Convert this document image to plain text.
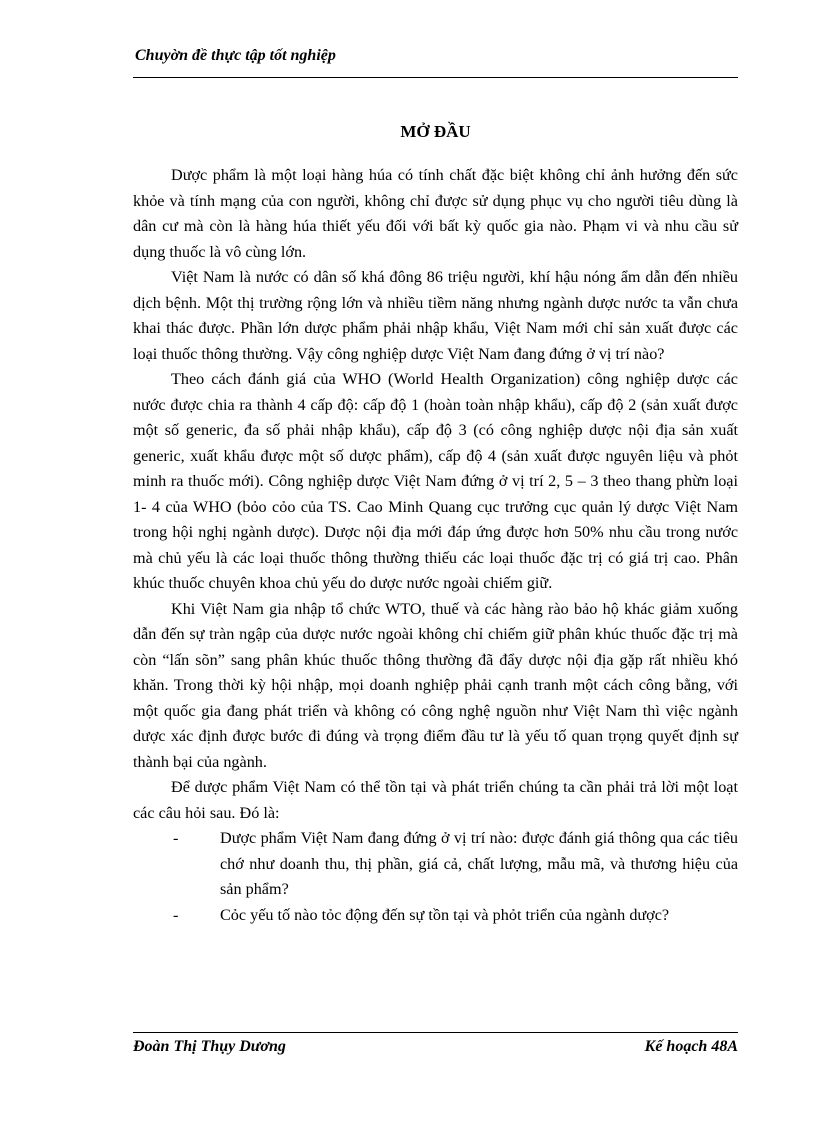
Chuyờn đề thực tập tốt nghiệp
MỞ ĐẦU

Dược phẩm là một loại hàng húa có tính chất đặc biệt không chỉ ảnh hưởng đến sức khỏe và tính mạng của con người, không chỉ được sử dụng phục vụ cho người tiêu dùng là dân cư mà còn là hàng húa thiết yếu đối với bất kỳ quốc gia nào. Phạm vi và nhu cầu sử dụng thuốc là vô cùng lớn.

Việt Nam là nước có dân số khá đông 86 triệu người, khí hậu nóng ẩm dẫn đến nhiều dịch bệnh. Một thị trường rộng lớn và nhiều tiềm năng nhưng ngành dược nước ta vẫn chưa khai thác được. Phần lớn dược phẩm phải nhập khẩu, Việt Nam mới chỉ sản xuất được các loại thuốc thông thường. Vậy công nghiệp dược Việt Nam đang đứng ở vị trí nào?

Theo cách đánh giá của WHO (World Health Organization) công nghiệp dược các nước được chia ra thành 4 cấp độ: cấp độ 1 (hoàn toàn nhập khẩu), cấp độ 2 (sản xuất được một số generic, đa số phải nhập khẩu), cấp độ 3 (có công nghiệp dược nội địa sản xuất generic, xuất khẩu được một số dược phẩm), cấp độ 4 (sản xuất được nguyên liệu và phỏt minh ra thuốc mới). Công nghiệp dược Việt Nam đứng ở vị trí 2, 5 – 3 theo thang phừn loại 1- 4 của WHO (bỏo cỏo của TS. Cao Minh Quang cục trưởng cục quản lý dược Việt Nam trong hội nghị ngành dược). Dược nội địa mới đáp ứng được hơn 50% nhu cầu trong nước mà chủ yếu là các loại thuốc thông thường thiếu các loại thuốc đặc trị có giá trị cao. Phân khúc thuốc chuyên khoa chủ yếu do dược nước ngoài chiếm giữ.

Khi Việt Nam gia nhập tổ chức WTO, thuế và các hàng rào bảo hộ khác giảm xuống dẫn đến sự tràn ngập của dược nước ngoài không chỉ chiếm giữ phân khúc thuốc đặc trị mà còn “lấn sõn” sang phân khúc thuốc thông thường đã đẩy dược nội địa gặp rất nhiều khó khăn. Trong thời kỳ hội nhập, mọi doanh nghiệp phải cạnh tranh một cách công bằng, với một quốc gia đang phát triển và không có công nghệ nguồn như Việt Nam thì việc ngành dược xác định được bước đi đúng và trọng điểm đầu tư là yếu tố quan trọng quyết định sự thành bại của ngành.

Để dược phẩm Việt Nam có thể tồn tại và phát triển chúng ta cần phải trả lời một loạt các câu hỏi sau. Đó là:

-	Dược phẩm Việt Nam đang đứng ở vị trí nào: được đánh giá thông qua các tiêu chớ như doanh thu, thị phần, giá cả, chất lượng, mẫu mã, và thương hiệu của sản phẩm?
-	Cỏc yếu tố nào tỏc động đến sự tồn tại và phỏt triển của ngành dược?
Đoàn Thị Thụy Dương	Kế hoạch 48A
